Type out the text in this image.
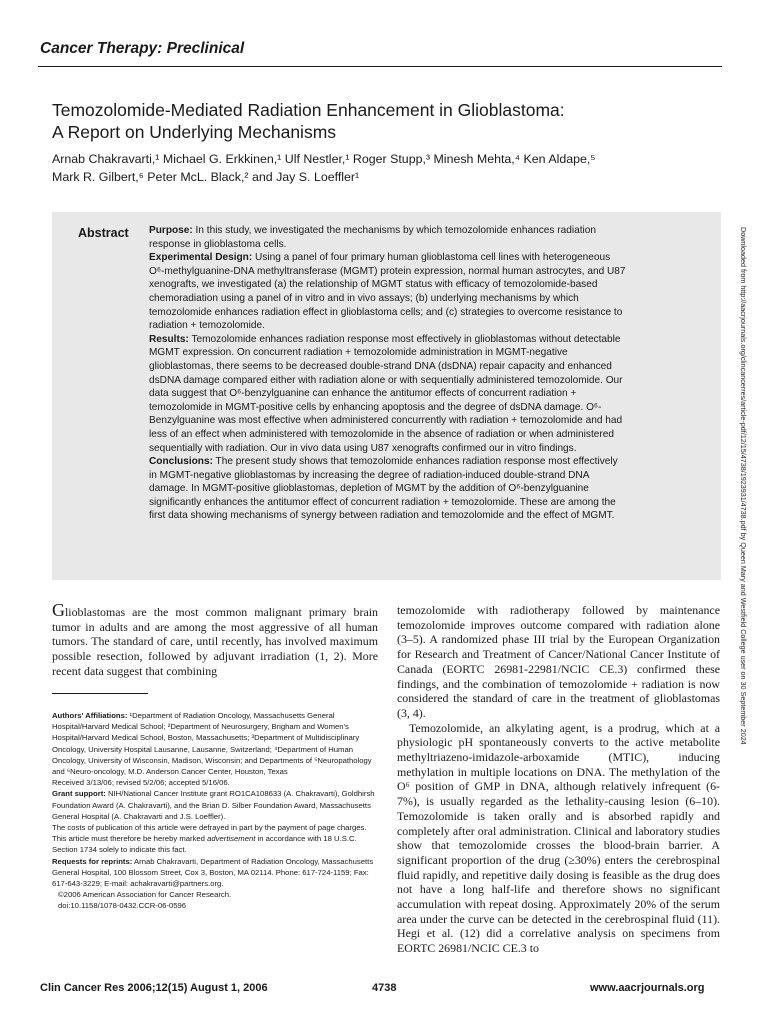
Cancer Therapy: Preclinical
Temozolomide-Mediated Radiation Enhancement in Glioblastoma:
A Report on Underlying Mechanisms
Arnab Chakravarti,¹ Michael G. Erkkinen,¹ Ulf Nestler,¹ Roger Stupp,³ Minesh Mehta,⁴ Ken Aldape,⁵
Mark R. Gilbert,⁶ Peter McL. Black,² and Jay S. Loeffler¹
Abstract Purpose: In this study, we investigated the mechanisms by which temozolomide enhances radiation response in glioblastoma cells.

Experimental Design: Using a panel of four primary human glioblastoma cell lines with heterogeneous O⁶-methylguanine-DNA methyltransferase (MGMT) protein expression, normal human astrocytes, and U87 xenografts, we investigated (a) the relationship of MGMT status with efficacy of temozolomide-based chemoradiation using a panel of in vitro and in vivo assays; (b) underlying mechanisms by which temozolomide enhances radiation effect in glioblastoma cells; and (c) strategies to overcome resistance to radiation + temozolomide.

Results: Temozolomide enhances radiation response most effectively in glioblastomas without detectable MGMT expression. On concurrent radiation + temozolomide administration in MGMT-negative glioblastomas, there seems to be decreased double-strand DNA (dsDNA) repair capacity and enhanced dsDNA damage compared either with radiation alone or with sequentially administered temozolomide. Our data suggest that O⁶-benzylguanine can enhance the antitumor effects of concurrent radiation + temozolomide in MGMT-positive cells by enhancing apoptosis and the degree of dsDNA damage. O⁶-Benzylguanine was most effective when administered concurrently with radiation + temozolomide and had less of an effect when administered with temozolomide in the absence of radiation or when administered sequentially with radiation. Our in vivo data using U87 xenografts confirmed our in vitro findings.

Conclusions: The present study shows that temozolomide enhances radiation response most effectively in MGMT-negative glioblastomas by increasing the degree of radiation-induced double-strand DNA damage. In MGMT-positive glioblastomas, depletion of MGMT by the addition of O⁶-benzylguanine significantly enhances the antitumor effect of concurrent radiation + temozolomide. These are among the first data showing mechanisms of synergy between radiation and temozolomide and the effect of MGMT.	Downloaded from http://aacrjournals.org/clincancerres/article-pdf/12/15/4738/1923931/4738.pdf by Queen Mary and Westfield College user on 30 September 2024

Glioblastomas are the most common malignant primary brain tumor in adults and are among the most aggressive of all human tumors. The standard of care, until recently, has involved maximum possible resection, followed by adjuvant irradiation (1, 2). More recent data suggest that combining

Authors' Affiliations: ¹Department of Radiation Oncology, Massachusetts General Hospital/Harvard Medical School; ²Department of Neurosurgery, Brigham and Women's Hospital/Harvard Medical School, Boston, Massachusetts; ³Department of Multidisciplinary Oncology, University Hospital Lausanne, Lausanne, Switzerland; ⁴Department of Human Oncology, University of Wisconsin, Madison, Wisconsin; and Departments of ⁵Neuropathology and ⁶Neuro-oncology, M.D. Anderson Cancer Center, Houston, Texas

Received 3/13/06; revised 5/2/06; accepted 5/16/06.

Grant support: NIH/National Cancer Institute grant RO1CA108633 (A. Chakravarti), Goldhirsh Foundation Award (A. Chakravarti), and the Brian D. Silber Foundation Award, Massachusetts General Hospital (A. Chakravarti and J.S. Loeffler).

The costs of publication of this article were defrayed in part by the payment of page charges. This article must therefore be hereby marked advertisement in accordance with 18 U.S.C. Section 1734 solely to indicate this fact.

Requests for reprints: Arnab Chakravarti, Department of Radiation Oncology, Massachusetts General Hospital, 100 Blossom Street, Cox 3, Boston, MA 02114. Phone: 617-724-1159; Fax: 617-643-3229; E-mail: achakravarti@partners.org.

©2006 American Association for Cancer Research.

doi:10.1158/1078-0432.CCR-06-0596

temozolomide with radiotherapy followed by maintenance temozolomide improves outcome compared with radiation alone (3–5). A randomized phase III trial by the European Organization for Research and Treatment of Cancer/National Cancer Institute of Canada (EORTC 26981-22981/NCIC CE.3) confirmed these findings, and the combination of temozolomide + radiation is now considered the standard of care in the treatment of glioblastomas (3, 4).

Temozolomide, an alkylating agent, is a prodrug, which at a physiologic pH spontaneously converts to the active metabolite methyltriazeno-imidazole-arboxamide (MTIC), inducing methylation in multiple locations on DNA. The methylation of the O⁶ position of GMP in DNA, although relatively infrequent (6-7%), is usually regarded as the lethality-causing lesion (6–10). Temozolomide is taken orally and is absorbed rapidly and completely after oral administration. Clinical and laboratory studies show that temozolomide crosses the blood-brain barrier. A significant proportion of the drug (≥30%) enters the cerebrospinal fluid rapidly, and repetitive daily dosing is feasible as the drug does not have a long half-life and therefore shows no significant accumulation with repeat dosing. Approximately 20% of the serum area under the curve can be detected in the cerebrospinal fluid (11). Hegi et al. (12) did a correlative analysis on specimens from EORTC 26981/NCIC CE.3 to

Clin Cancer Res 2006;12(15) August 1, 2006	4738	www.aacrjournals.org
